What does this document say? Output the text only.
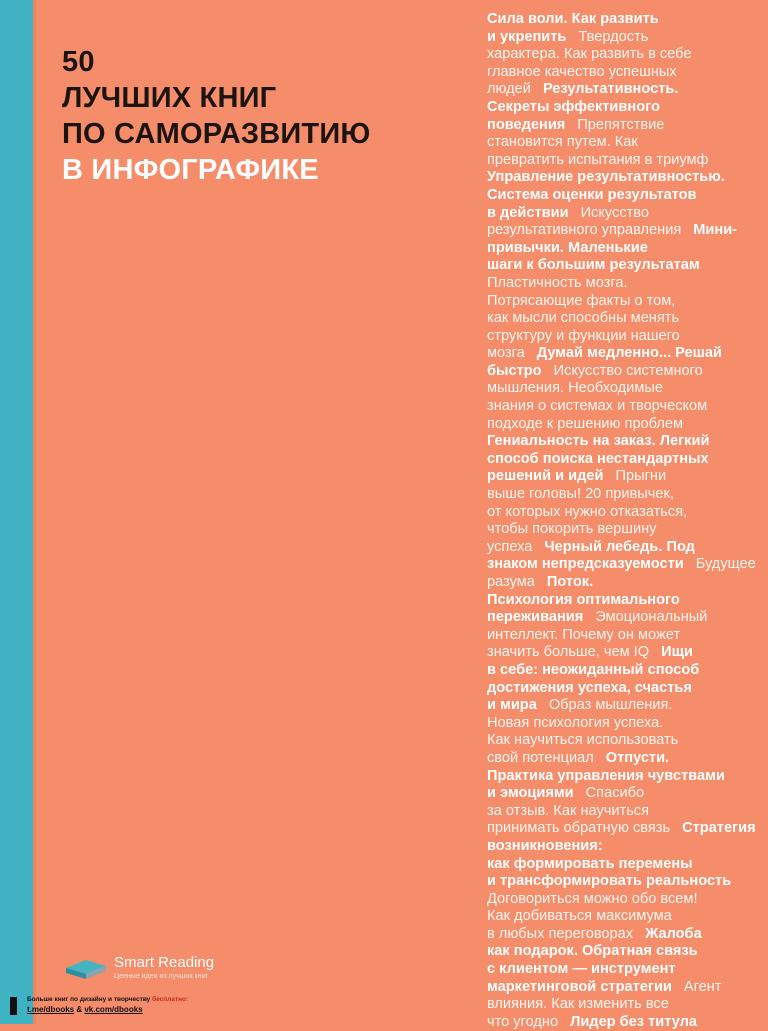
50
ЛУЧШИХ КНИГ
ПО САМОРАЗВИТИЮ
В ИНФОГРАФИКЕ
Сила воли. Как развить
и укрепить Твердость
характера. Как развить в себе
главное качество успешных
людей Результативность.
Секреты эффективного
поведения Препятствие
становится путем. Как
превратить испытания в триумфУправление результативностью.
Система оценки результатов
в действии Искусство
результативного управления Мини-привычки. Маленькие
шаги к большим результатамПластичность мозга.
Потрясающие факты о том,
как мысли способны менять
структуру и функции нашего
мозга Думай медленно... Решай
быстро Искусство системного
мышления. Необходимые
знания о системах и творческом
подходе к решению проблемГениальность на заказ. Легкий
способ поиска нестандартных
решений и идей Прыгни
выше головы! 20 привычек,
от которых нужно отказаться,
чтобы покорить вершину
успеха Черный лебедь. Под
знаком непредсказуемости Будущее разума Поток.
Психология оптимального
переживания Эмоциональный
интеллект. Почему он может
значить больше, чем IQ Ищи
в себе: неожиданный способ
достижения успеха, счастья
и мира Образ мышления.
Новая психология успеха.
Как научиться использовать
свой потенциал Отпусти.
Практика управления чувствами
и эмоциями Спасибо
за отзыв. Как научиться
принимать обратную связь Стратегия возникновения:
как формировать перемены
и трансформировать реальностьДоговориться можно обо всем!
Как добиваться максимума
в любых переговорах Жалоба
как подарок. Обратная связь
с клиентом — инструмент
маркетинговой стратегии Агент
влияния. Как изменить все
что угодно Лидер без титула
Smart Reading
Ценные идеи из лучших книг
Больше книг по дизайну и творчеству бесплатно:
t.me/dbooks & vk.com/dbooks
